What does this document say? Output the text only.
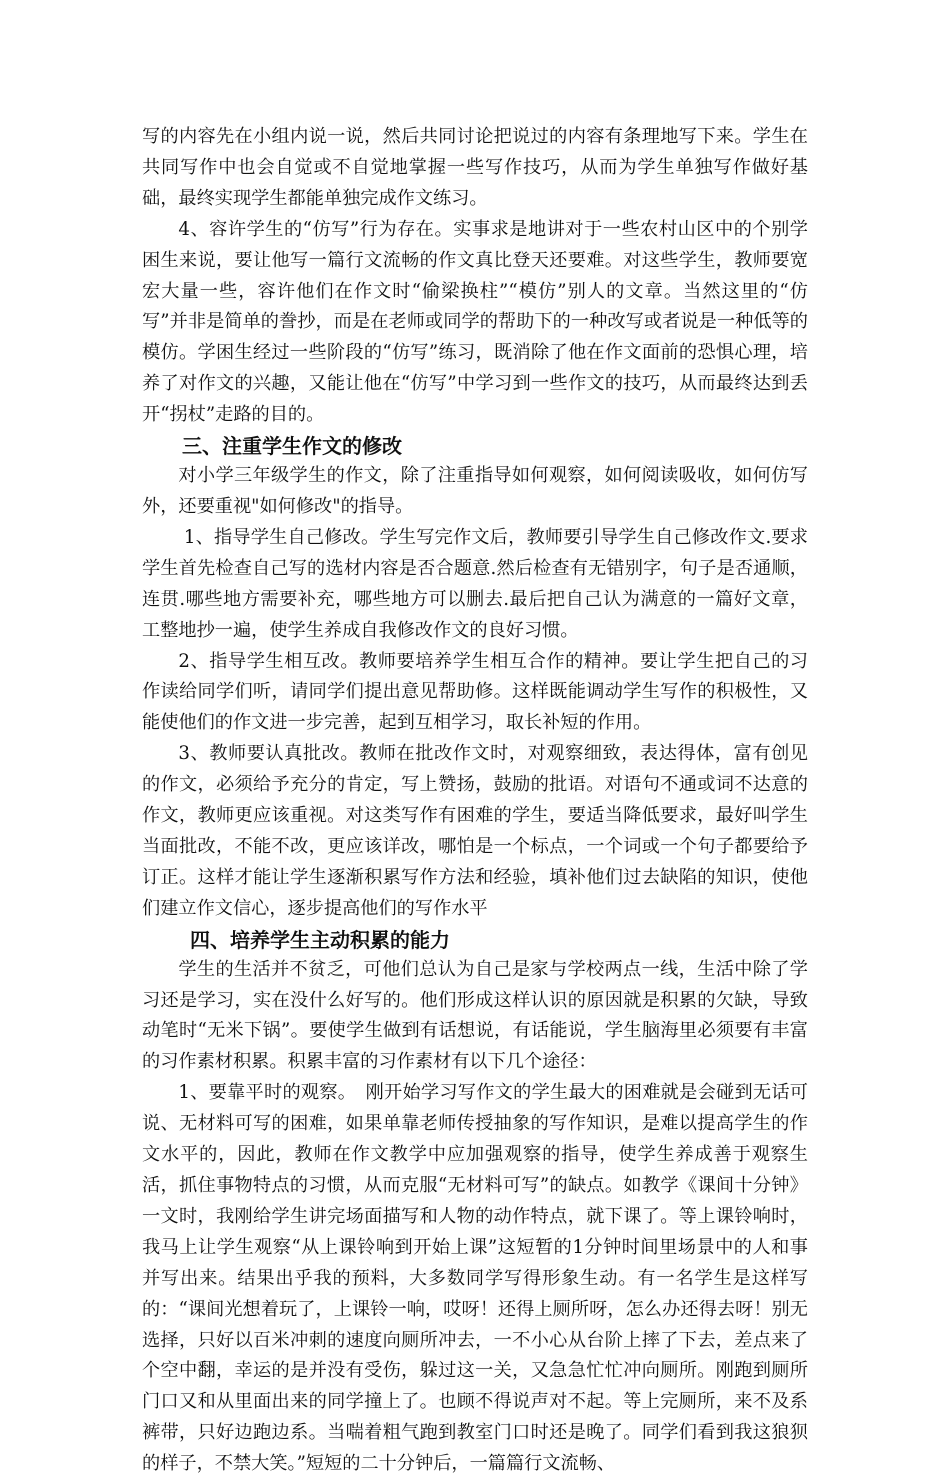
写的内容先在小组内说一说，然后共同讨论把说过的内容有条理地写下来。学生在共同写作中也会自觉或不自觉地掌握一些写作技巧，从而为学生单独写作做好基础，最终实现学生都能单独完成作文练习。

4、容许学生的“仿写”行为存在。实事求是地讲对于一些农村山区中的个别学困生来说，要让他写一篇行文流畅的作文真比登天还要难。对这些学生，教师要宽宏大量一些，容许他们在作文时“偷梁换柱”“模仿”别人的文章。当然这里的“仿写”并非是简单的誊抄，而是在老师或同学的帮助下的一种改写或者说是一种低等的模仿。学困生经过一些阶段的“仿写”练习，既消除了他在作文面前的恐惧心理，培养了对作文的兴趣，又能让他在“仿写”中学习到一些作文的技巧，从而最终达到丢开“拐杖”走路的目的。

三、注重学生作文的修改

对小学三年级学生的作文，除了注重指导如何观察，如何阅读吸收，如何仿写外，还要重视"如何修改"的指导。

1、指导学生自己修改。学生写完作文后，教师要引导学生自己修改作文.要求学生首先检查自己写的选材内容是否合题意.然后检查有无错别字，句子是否通顺，连贯.哪些地方需要补充，哪些地方可以删去.最后把自己认为满意的一篇好文章，工整地抄一遍，使学生养成自我修改作文的良好习惯。

2、指导学生相互改。教师要培养学生相互合作的精神。要让学生把自己的习作读给同学们听，请同学们提出意见帮助修。这样既能调动学生写作的积极性，又能使他们的作文进一步完善，起到互相学习，取长补短的作用。

3、教师要认真批改。教师在批改作文时，对观察细致，表达得体，富有创见的作文，必须给予充分的肯定，写上赞扬，鼓励的批语。对语句不通或词不达意的作文，教师更应该重视。对这类写作有困难的学生，要适当降低要求，最好叫学生当面批改，不能不改，更应该详改，哪怕是一个标点，一个词或一个句子都要给予订正。这样才能让学生逐渐积累写作方法和经验，填补他们过去缺陷的知识，使他们建立作文信心，逐步提高他们的写作水平

四、培养学生主动积累的能力

学生的生活并不贫乏，可他们总认为自己是家与学校两点一线，生活中除了学习还是学习，实在没什么好写的。他们形成这样认识的原因就是积累的欠缺，导致动笔时“无米下锅”。要使学生做到有话想说，有话能说，学生脑海里必须要有丰富的习作素材积累。积累丰富的习作素材有以下几个途径：

1、要靠平时的观察。　刚开始学习写作文的学生最大的困难就是会碰到无话可说、无材料可写的困难，如果单靠老师传授抽象的写作知识，是难以提高学生的作文水平的，因此，教师在作文教学中应加强观察的指导，使学生养成善于观察生活，抓住事物特点的习惯，从而克服“无材料可写”的缺点。如教学《课间十分钟》一文时，我刚给学生讲完场面描写和人物的动作特点，就下课了。等上课铃响时，我马上让学生观察“从上课铃响到开始上课”这短暂的1分钟时间里场景中的人和事并写出来。结果出乎我的预料，大多数同学写得形象生动。有一名学生是这样写的：“课间光想着玩了，上课铃一响，哎呀！还得上厕所呀，怎么办还得去呀！别无选择，只好以百米冲刺的速度向厕所冲去，一不小心从台阶上摔了下去，差点来了个空中翻，幸运的是并没有受伤，躲过这一关，又急急忙忙冲向厕所。刚跑到厕所门口又和从里面出来的同学撞上了。也顾不得说声对不起。等上完厕所，来不及系裤带，只好边跑边系。当喘着粗气跑到教室门口时还是晚了。同学们看到我这狼狈的样子，不禁大笑。”短短的二十分钟后，一篇篇行文流畅、
